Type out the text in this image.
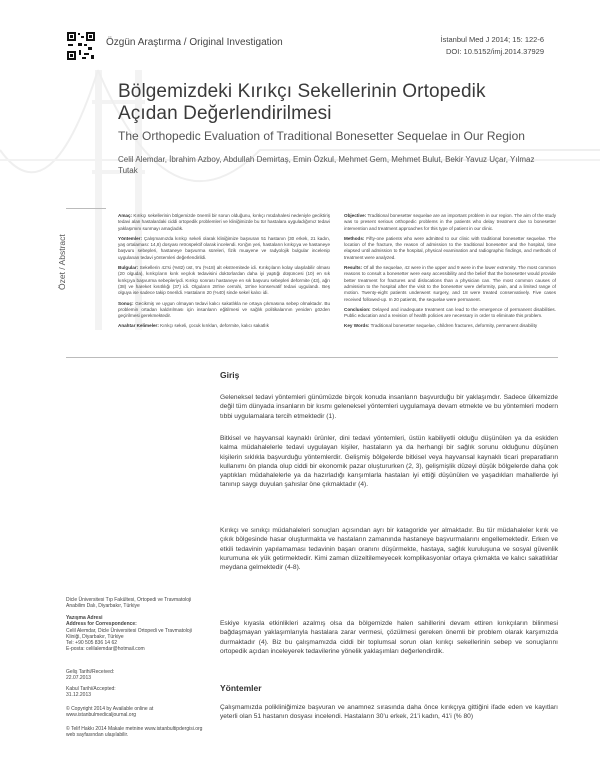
Özgün Araştırma / Original Investigation	İstanbul Med J 2014; 15: 122-6
DOI: 10.5152/imj.2014.37929
Bölgemizdeki Kırıkçı Sekellerinin Ortopedik Açıdan Değerlendirilmesi
The Orthopedic Evaluation of Traditional Bonesetter Sequelae in Our Region
Celil Alemdar, İbrahim Azboy, Abdullah Demirtaş, Emin Özkul, Mehmet Gem, Mehmet Bulut, Bekir Yavuz Uçar, Yılmaz Tutak
Özet / Abstract

Amaç: Kırıkçı sekellerinin bölgemizde önemli bir sorun olduğunu, kırıkçı müdahalesi nedeniyle geciktiriş tedavi alan hastalardaki ciddi ortopedik problemleri ve kliniğimizde bu tür hastalara uyguladığımız tedavi yaklaşımını sunmayı amaçladık.

Yöntemler: Çalışmamızda kırıkçı sekeli olarak kliniğimize başvuran 51 hastanın (30 erkek, 21 kadın, yaş ortalaması: 14,8) dosyası retrospektif olarak incelendi. Kırığın yeri, hastaların kırıkçıya ve hastaneye başvuru sebepleri, hastaneye başvurma süreleri, fizik muayene ve radyolojik bulgular incelenip uygulanan tedavi yöntemleri değerlendirildi.

Bulgular: Sekellerin 42'si (%82) üst, 9'u (%18) alt ekstremitede idi. Kırıkçıların kolay ulaşılabilir olması (20 olguda), kırıkçıların kırık veçıkık tedavisini doktorlardan daha iyi yaptığı düşüncesi (10) en sık kırıkçıya başvurma sebepleriydi. Kırıkçı sonrası hastaneye en sık başvuru sebepleri deformite (43), ağrı (38) ve hareket kısıtlılığı (37) idi. Olguların 28'ine cerrahi, 18'ine konservatif tedavi uygulandı. Beş olguya ise sadece takip önerildi. Hastaların 20 (%40) sinde sekel kalıcı idi.

Sonuç: Gecikmiş ve uygun olmayan tedavi kalıcı sakatlıkla ne ortaya çıkmasına sebep olmaktadır. Bu problemin ortadan kaldırılması için insanların eğitilmesi ve sağlık politikalarının yeniden gözden geçirilmesi gerekmektedir.

Anahtar Kelimeler: Kırıkçı sekeli, çocuk kırıkları, deformite, kalıcı sakatlık

Objective: Traditional bonesetter sequelae are an important problem in our region. The aim of the study was to present serious orthopedic problems in the patients who delay treatment due to bonesetter intervention and treatment approaches for this type of patient in our clinic.

Methods: Fifty-one patients who were admitted to our clinic with traditional bonesetter sequelae. The location of the fracture, the reason of admission to the traditional bonesetter and the hospital, time elapsed until admission to the hospital, physical examination and radiographic findings, and methods of treatment were analyzed.

Results: Of all the sequelae, 42 were in the upper and 9 were in the lower extremity. The most common reasons to consult a bonesetter were easy accessibility and the belief that the bonesetter would provide better treatment for fractures and dislocations than a physician can. The most common causes of admission to the hospital after the visit to the bonesetter were deformity, pain, and a limited range of motion. Twenty-eight patients underwent surgery, and 18 were treated conservatively. Five cases received followed-up. In 20 patients, the sequelae were permanent.

Conclusion: Delayed and inadequate treatment can lead to the emergence of permanent disabilities. Public education and a revision of health policies are necessary in order to eliminate this problem.

Key Words: Traditional bonesetter sequelae, children fractures, deformity, permanent disability

Giriş
Geleneksel tedavi yöntemleri günümüzde birçok konuda insanların başvurduğu bir yaklaşımdır. Sadece ülkemizde değil tüm dünyada insanların bir kısmı geleneksel yöntemleri uygulamaya devam etmekte ve bu yöntemleri modern tıbbi uygulamalara tercih etmektedir (1).
Bitkisel ve hayvansal kaynaklı ürünler, dini tedavi yöntemleri, üstün kabiliyetli olduğu düşünülen ya da eskiden kalma müdahalelerle tedavi uygulayan kişiler, hastaların ya da herhangi bir sağlık sorunu olduğunu düşünen kişilerin sıklıkla başvurduğu yöntemlerdir. Gelişmiş bölgelerde bitkisel veya hayvansal kaynaklı ticari preparatların kullanımı ön planda olup ciddi bir ekonomik pazar oluştururken (2, 3), gelişmişlik düzeyi düşük bölgelerde daha çok yaptıkları müdahalelerle ya da hazırladığı karışımlarla hastaları iyi ettiği düşünülen ve yaşadıkları mahallerde iyi tanınıp saygı duyulan şahıslar öne çıkmaktadır (4).
Kırıkçı ve sınıkçı müdahaleleri sonuçları açısından ayrı bir katagoride yer almaktadır. Bu tür müdahaleler kırık ve çıkık bölgesinde hasar oluşturmakta ve hastaların zamanında hastaneye başvurmalarını engellemektedir. Erken ve etkili tedavinin yapılamaması tedavinin başarı oranını düşürmekte, hastaya, sağlık kuruluşuna ve sosyal güvenlik kurumuna ek yük getirmektedir. Kimi zaman düzeltilemeyecek komplikasyonlar ortaya çıkmakta ve kalıcı sakatlıklar meydana gelmektedir (4-8).
Eskiye kıyasla etkinlikleri azalmış olsa da bölgemizde halen sahillerini devam ettiren kırıkçıların bilinmesi bağdaşmayan yaklaşımlarıyla hastalara zarar vermesi, çözülmesi gereken önemli bir problem olarak karşımızda durmaktadır (4). Biz bu çalışmamızda ciddi bir toplumsal sorun olan kırıkçı sekellerinin sebep ve sonuçlarını ortopedik açıdan inceleyerek tedavilerine yönelik yaklaşımları değerlendirdik.
Yöntemler
Çalışmamızda polikliniğimize başvuran ve anamnez sırasında daha önce kırıkçıya gittiğini ifade eden ve kayıtları yeterli olan 51 hastanın dosyası incelendi. Hastaların 30'u erkek, 21'i kadın, 41'i (% 80)
Dicle Üniversitesi Tıp Fakültesi, Ortopedi ve Travmatoloji Anabilim Dalı, Diyarbakır, Türkiye

Yazışma Adresi

Address for Correspondence:

Celil Alemdar, Dicle Üniversitesi Ortopedi ve Travmatoloji Kliniği, Diyarbakır, Türkiye

Tel: +90 505 836 14 62

E-posta: ‍‍celilalemdar@hotmail.com

Geliş Tarihi/Received:

22.07.2013

Kabul Tarihi/Accepted:

31.12.2013

© Copyright 2014 by Available online at www.istanbulmedicaljournal.org
© Telif Hakkı 2014 Makale metnine www.istanbultipdergisi.org web sayfasından ulaşılabilir.
